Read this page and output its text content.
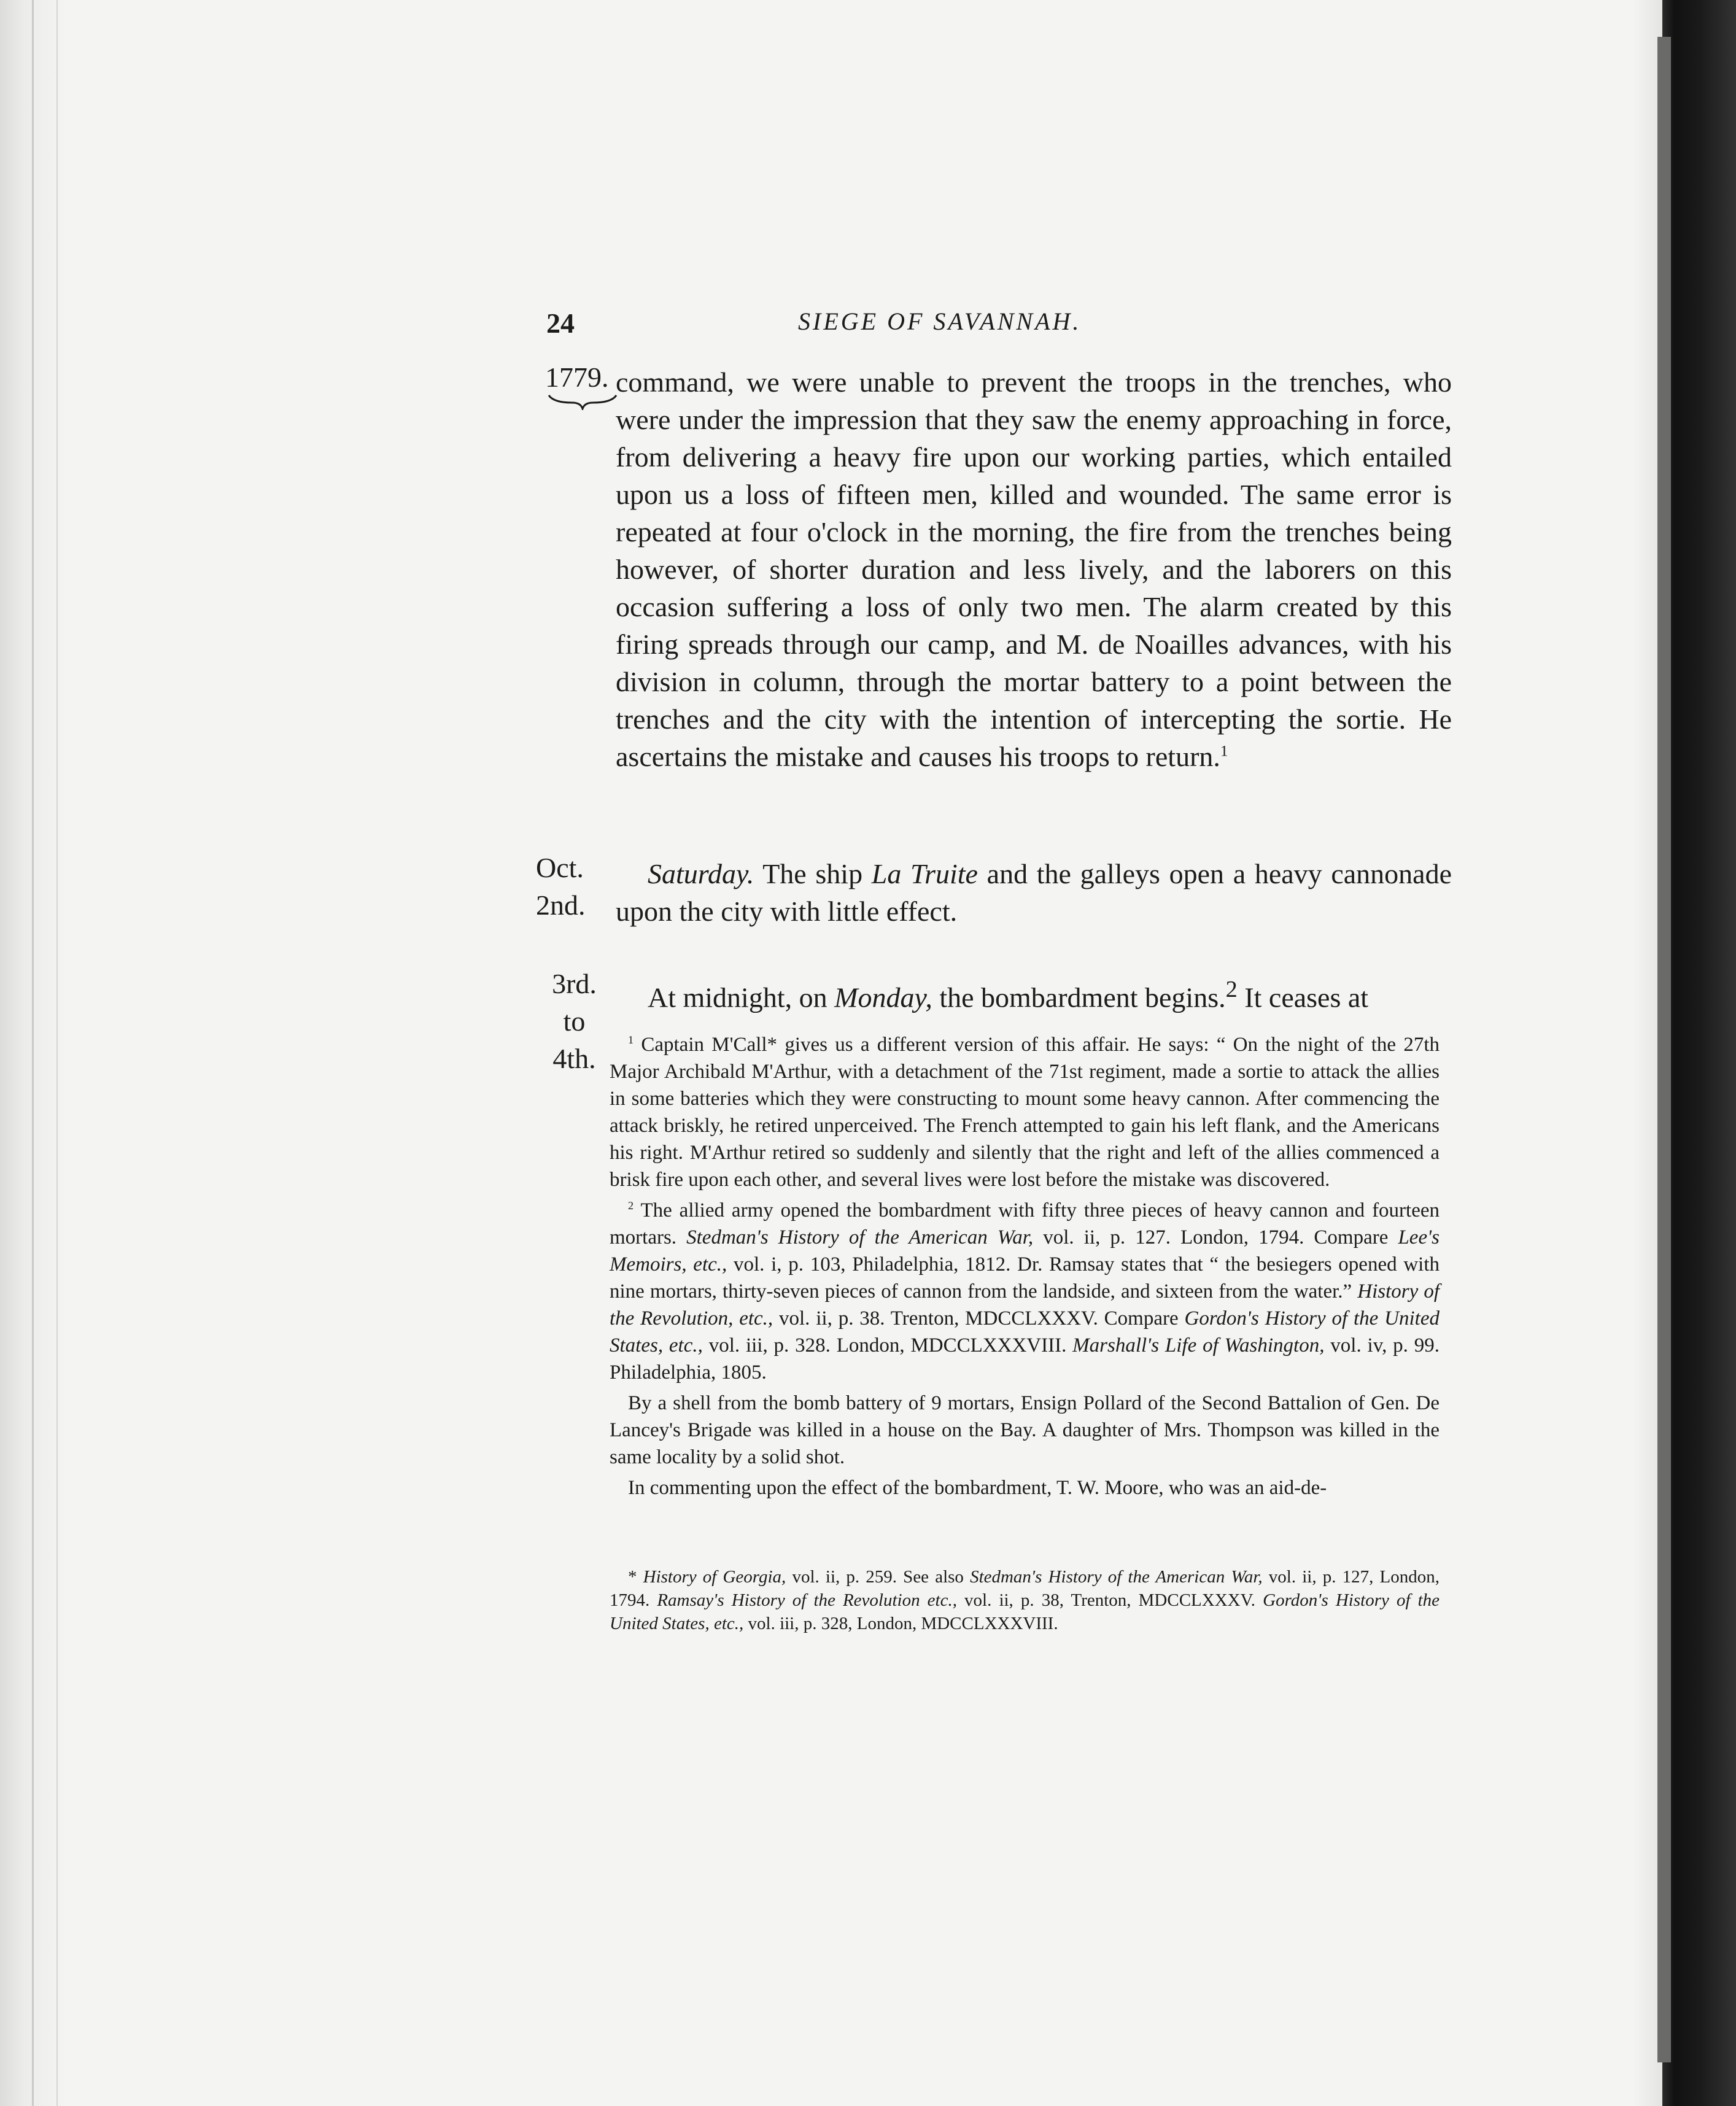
24	SIEGE OF SAVANNAH.
1779. command, we were unable to prevent the troops in the trenches, who were under the impression that they saw the enemy approaching in force, from delivering a heavy fire upon our working parties, which entailed upon us a loss of fifteen men, killed and wounded. The same error is repeated at four o'clock in the morning, the fire from the trenches being however, of shorter duration and less lively, and the laborers on this occasion suffering a loss of only two men. The alarm created by this firing spreads through our camp, and M. de Noailles advances, with his division in column, through the mortar battery to a point between the trenches and the city with the intention of intercepting the sortie. He ascertains the mistake and causes his troops to return.$^1$

Oct.
2nd.

Saturday. The ship La Truite and the galleys open a heavy cannonade upon the city with little effect.

3rd.
to
4th.

At midnight, on Monday, the bombardment begins.$^2$ It ceases at

$^1$ Captain M'Call* gives us a different version of this affair. He says: “ On the night of the 27th Major Archibald M'Arthur, with a detachment of the 71st regiment, made a sortie to attack the allies in some batteries which they were constructing to mount some heavy cannon. After commencing the attack briskly, he retired unperceived. The French attempted to gain his left flank, and the Americans his right. M'Arthur retired so suddenly and silently that the right and left of the allies commenced a brisk fire upon each other, and several lives were lost before the mistake was discovered.

$^2$ The allied army opened the bombardment with fifty three pieces of heavy cannon and fourteen mortars. Stedman's History of the American War, vol. ii, p. 127. London, 1794. Compare Lee's Memoirs, etc., vol. i, p. 103, Philadelphia, 1812. Dr. Ramsay states that “ the besiegers opened with nine mortars, thirty-seven pieces of cannon from the landside, and sixteen from the water.” History of the Revolution, etc., vol. ii, p. 38. Trenton, MDCCLXXXV. Compare Gordon's History of the United States, etc., vol. iii, p. 328. London, MDCCLXXXVIII. Marshall's Life of Washington, vol. iv, p. 99. Philadelphia, 1805.

By a shell from the bomb battery of 9 mortars, Ensign Pollard of the Second Battalion of Gen. De Lancey's Brigade was killed in a house on the Bay. A daughter of Mrs. Thompson was killed in the same locality by a solid shot.

In commenting upon the effect of the bombardment, T. W. Moore, who was an aid-de-

* History of Georgia, vol. ii, p. 259. See also Stedman's History of the American War, vol. ii, p. 127, London, 1794. Ramsay's History of the Revolution etc., vol. ii, p. 38, Trenton, MDCCLXXXV. Gordon's History of the United States, etc., vol. iii, p. 328, London, MDCCLXXXVIII.
